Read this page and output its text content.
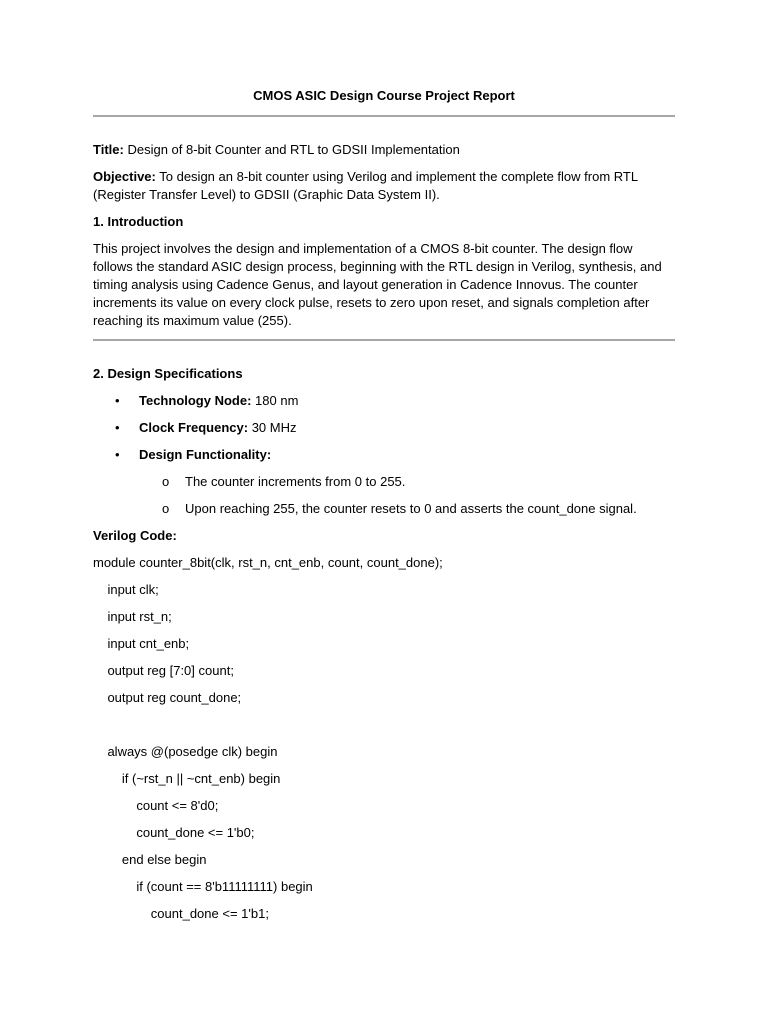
CMOS ASIC Design Course Project Report

Title: Design of 8-bit Counter and RTL to GDSII Implementation

Objective: To design an 8-bit counter using Verilog and implement the complete flow from RTL (Register Transfer Level) to GDSII (Graphic Data System II).

1. Introduction

This project involves the design and implementation of a CMOS 8-bit counter. The design flow follows the standard ASIC design process, beginning with the RTL design in Verilog, synthesis, and timing analysis using Cadence Genus, and layout generation in Cadence Innovus. The counter increments its value on every clock pulse, resets to zero upon reset, and signals completion after reaching its maximum value (255).

2. Design Specifications

• Technology Node: 180 nm
• Clock Frequency: 30 MHz
• Design Functionality:
o The counter increments from 0 to 255.
o Upon reaching 255, the counter resets to 0 and asserts the count_done signal.

Verilog Code:

module counter_8bit(clk, rst_n, cnt_enb, count, count_done);

input clk;

input rst_n;

input cnt_enb;

output reg [7:0] count;

output reg count_done;

always @(posedge clk) begin

if (~rst_n || ~cnt_enb) begin

count <= 8'd0;

count_done <= 1'b0;

end else begin

if (count == 8'b11111111) begin

count_done <= 1'b1;
